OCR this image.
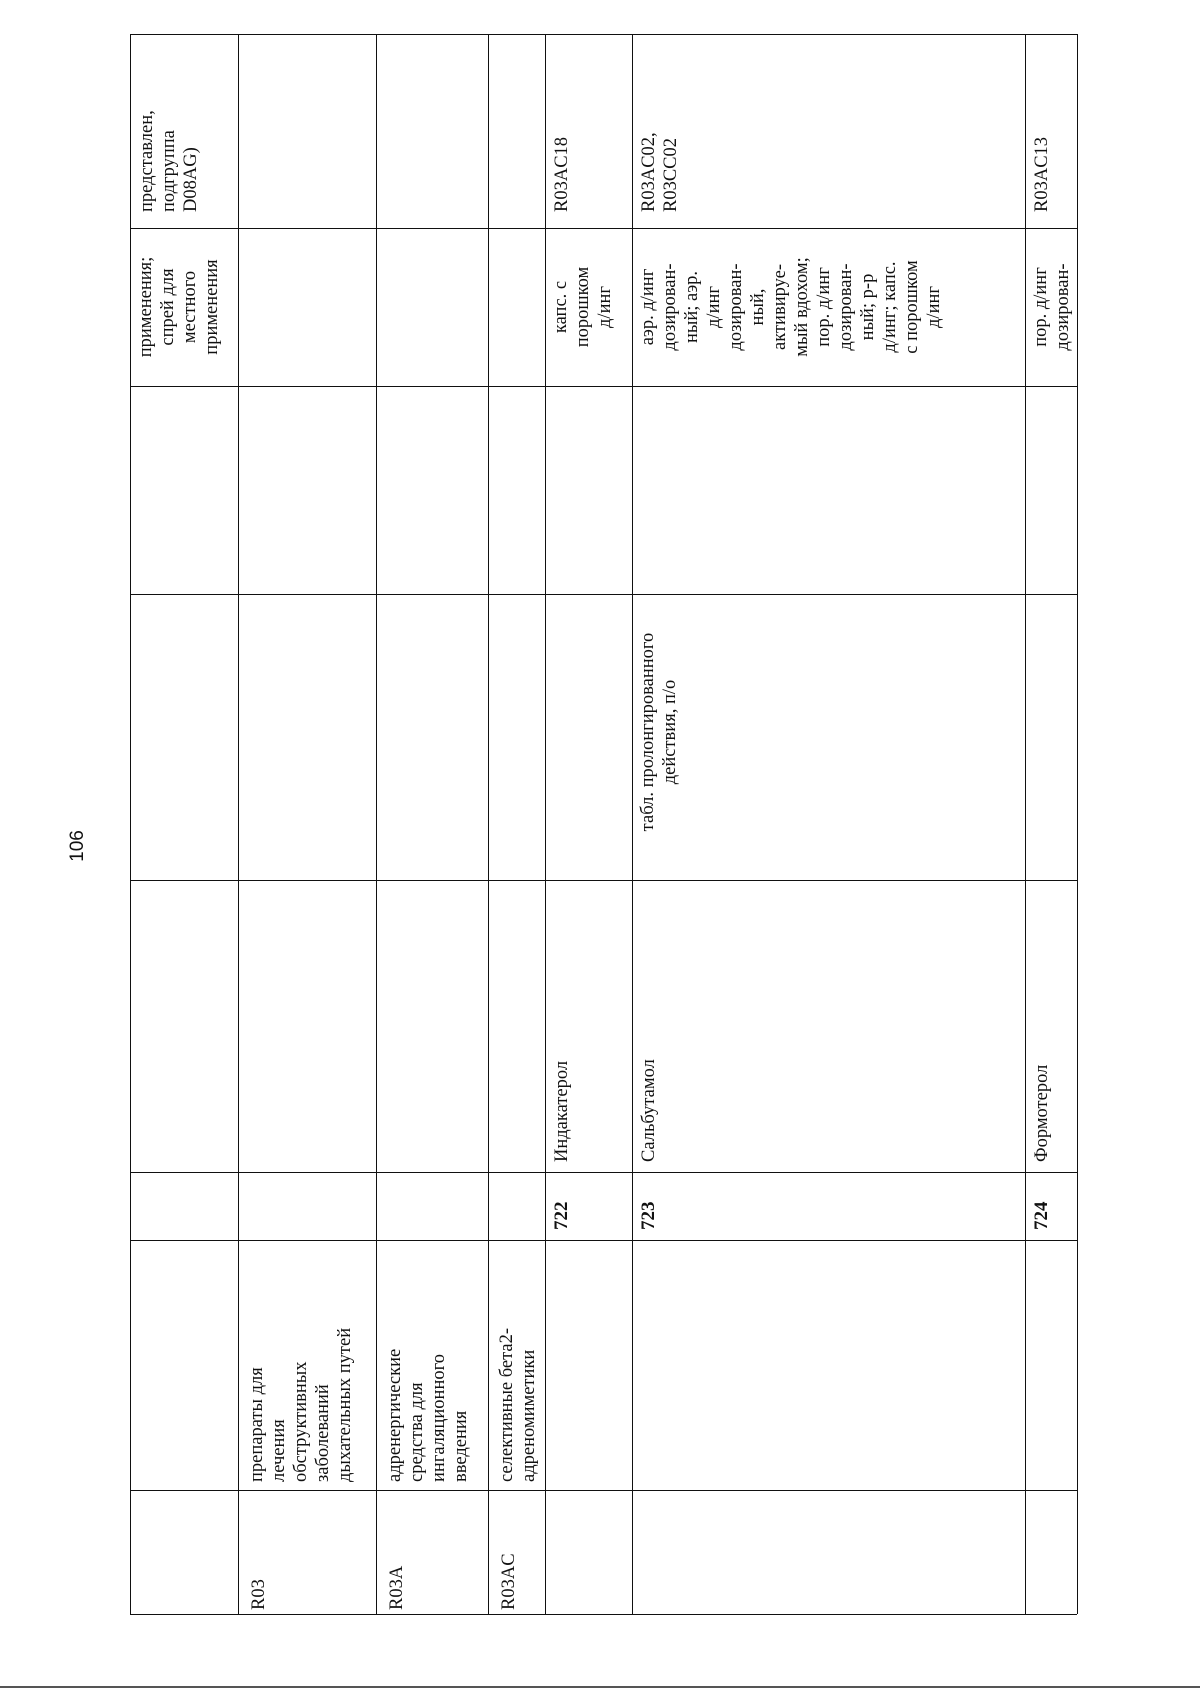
106
применения;
спрей для
местного
применения
представлен,
подгруппа
D08AG)
R03
препараты для
лечения
обструктивных
заболеваний
дыхательных путей
R03A
адренергические
средства для
ингаляционного
введения
R03AC
селективные бета2-
адреномиметики
722
Индакатерол
капс. с
порошком
д/инг
R03AC18
723
Сальбутамол
табл. пролонгированного
действия, п/о
аэр. д/инг
дозирован-
ный; аэр.
д/инг
дозирован-
ный,
активируе-
мый вдохом;
пор. д/инг
дозирован-
ный; р-р
д/инг; капс.
с порошком
д/инг
R03AC02,
R03CC02
724
Формотерол
пор. д/инг
дозирован-
R03AC13
